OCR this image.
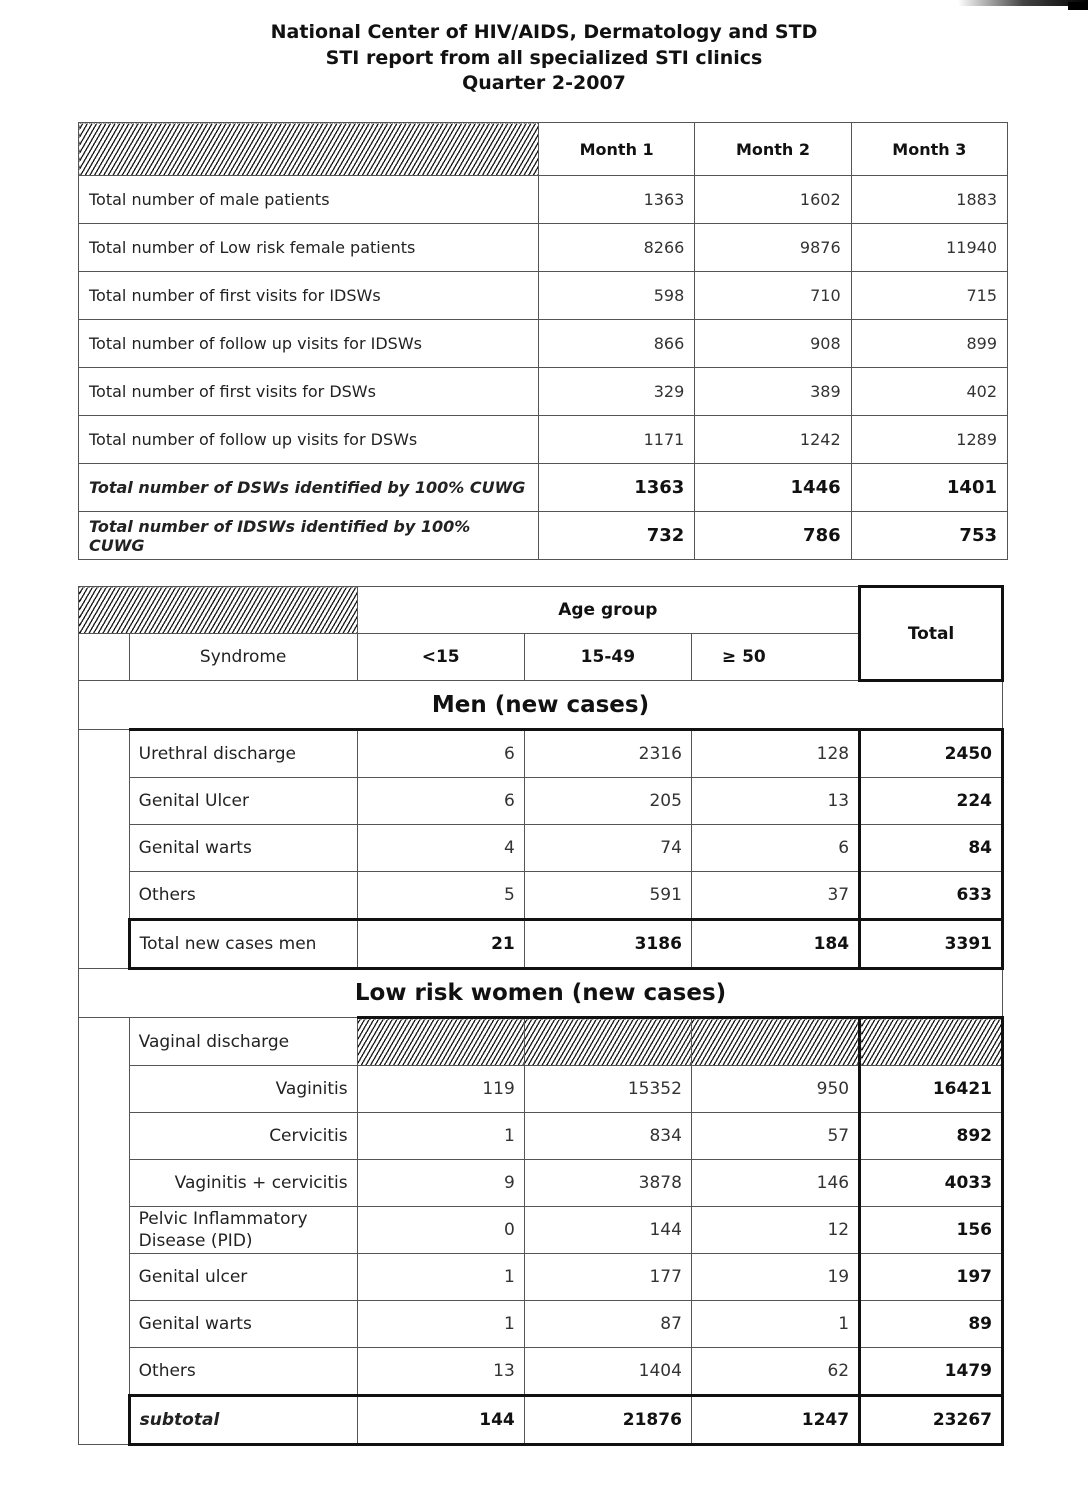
National Center of HIV/AIDS, Dermatology and STD
STI report from all specialized STI clinics
Quarter 2-2007
	Month 1	Month 2	Month 3
Total number of male patients	1363	1602	1883
Total number of Low risk female patients	8266	9876	11940
Total number of first visits for IDSWs	598	710	715
Total number of follow up visits for IDSWs	866	908	899
Total number of first visits for DSWs	329	389	402
Total number of follow up visits for DSWs	1171	1242	1289
Total number of DSWs identified by 100% CUWG	1363	1446	1401
Total number of IDSWs identified by 100% CUWG	732	786	753
		Age group			Total
	Syndrome	<15	15-49	≥ 50	
Men (new cases)					
	Urethral discharge	6	2316	128	2450
	Genital Ulcer	6	205	13	224
	Genital warts	4	74	6	84
	Others	5	591	37	633
	Total new cases men	21	3186	184	3391
Low risk women (new cases)					
	Vaginal discharge				
	Vaginitis	119	15352	950	16421
	Cervicitis	1	834	57	892
	Vaginitis + cervicitis	9	3878	146	4033
	Pelvic Inflammatory Disease (PID)	0	144	12	156
	Genital ulcer	1	177	19	197
	Genital warts	1	87	1	89
	Others	13	1404	62	1479
	subtotal	144	21876	1247	23267
